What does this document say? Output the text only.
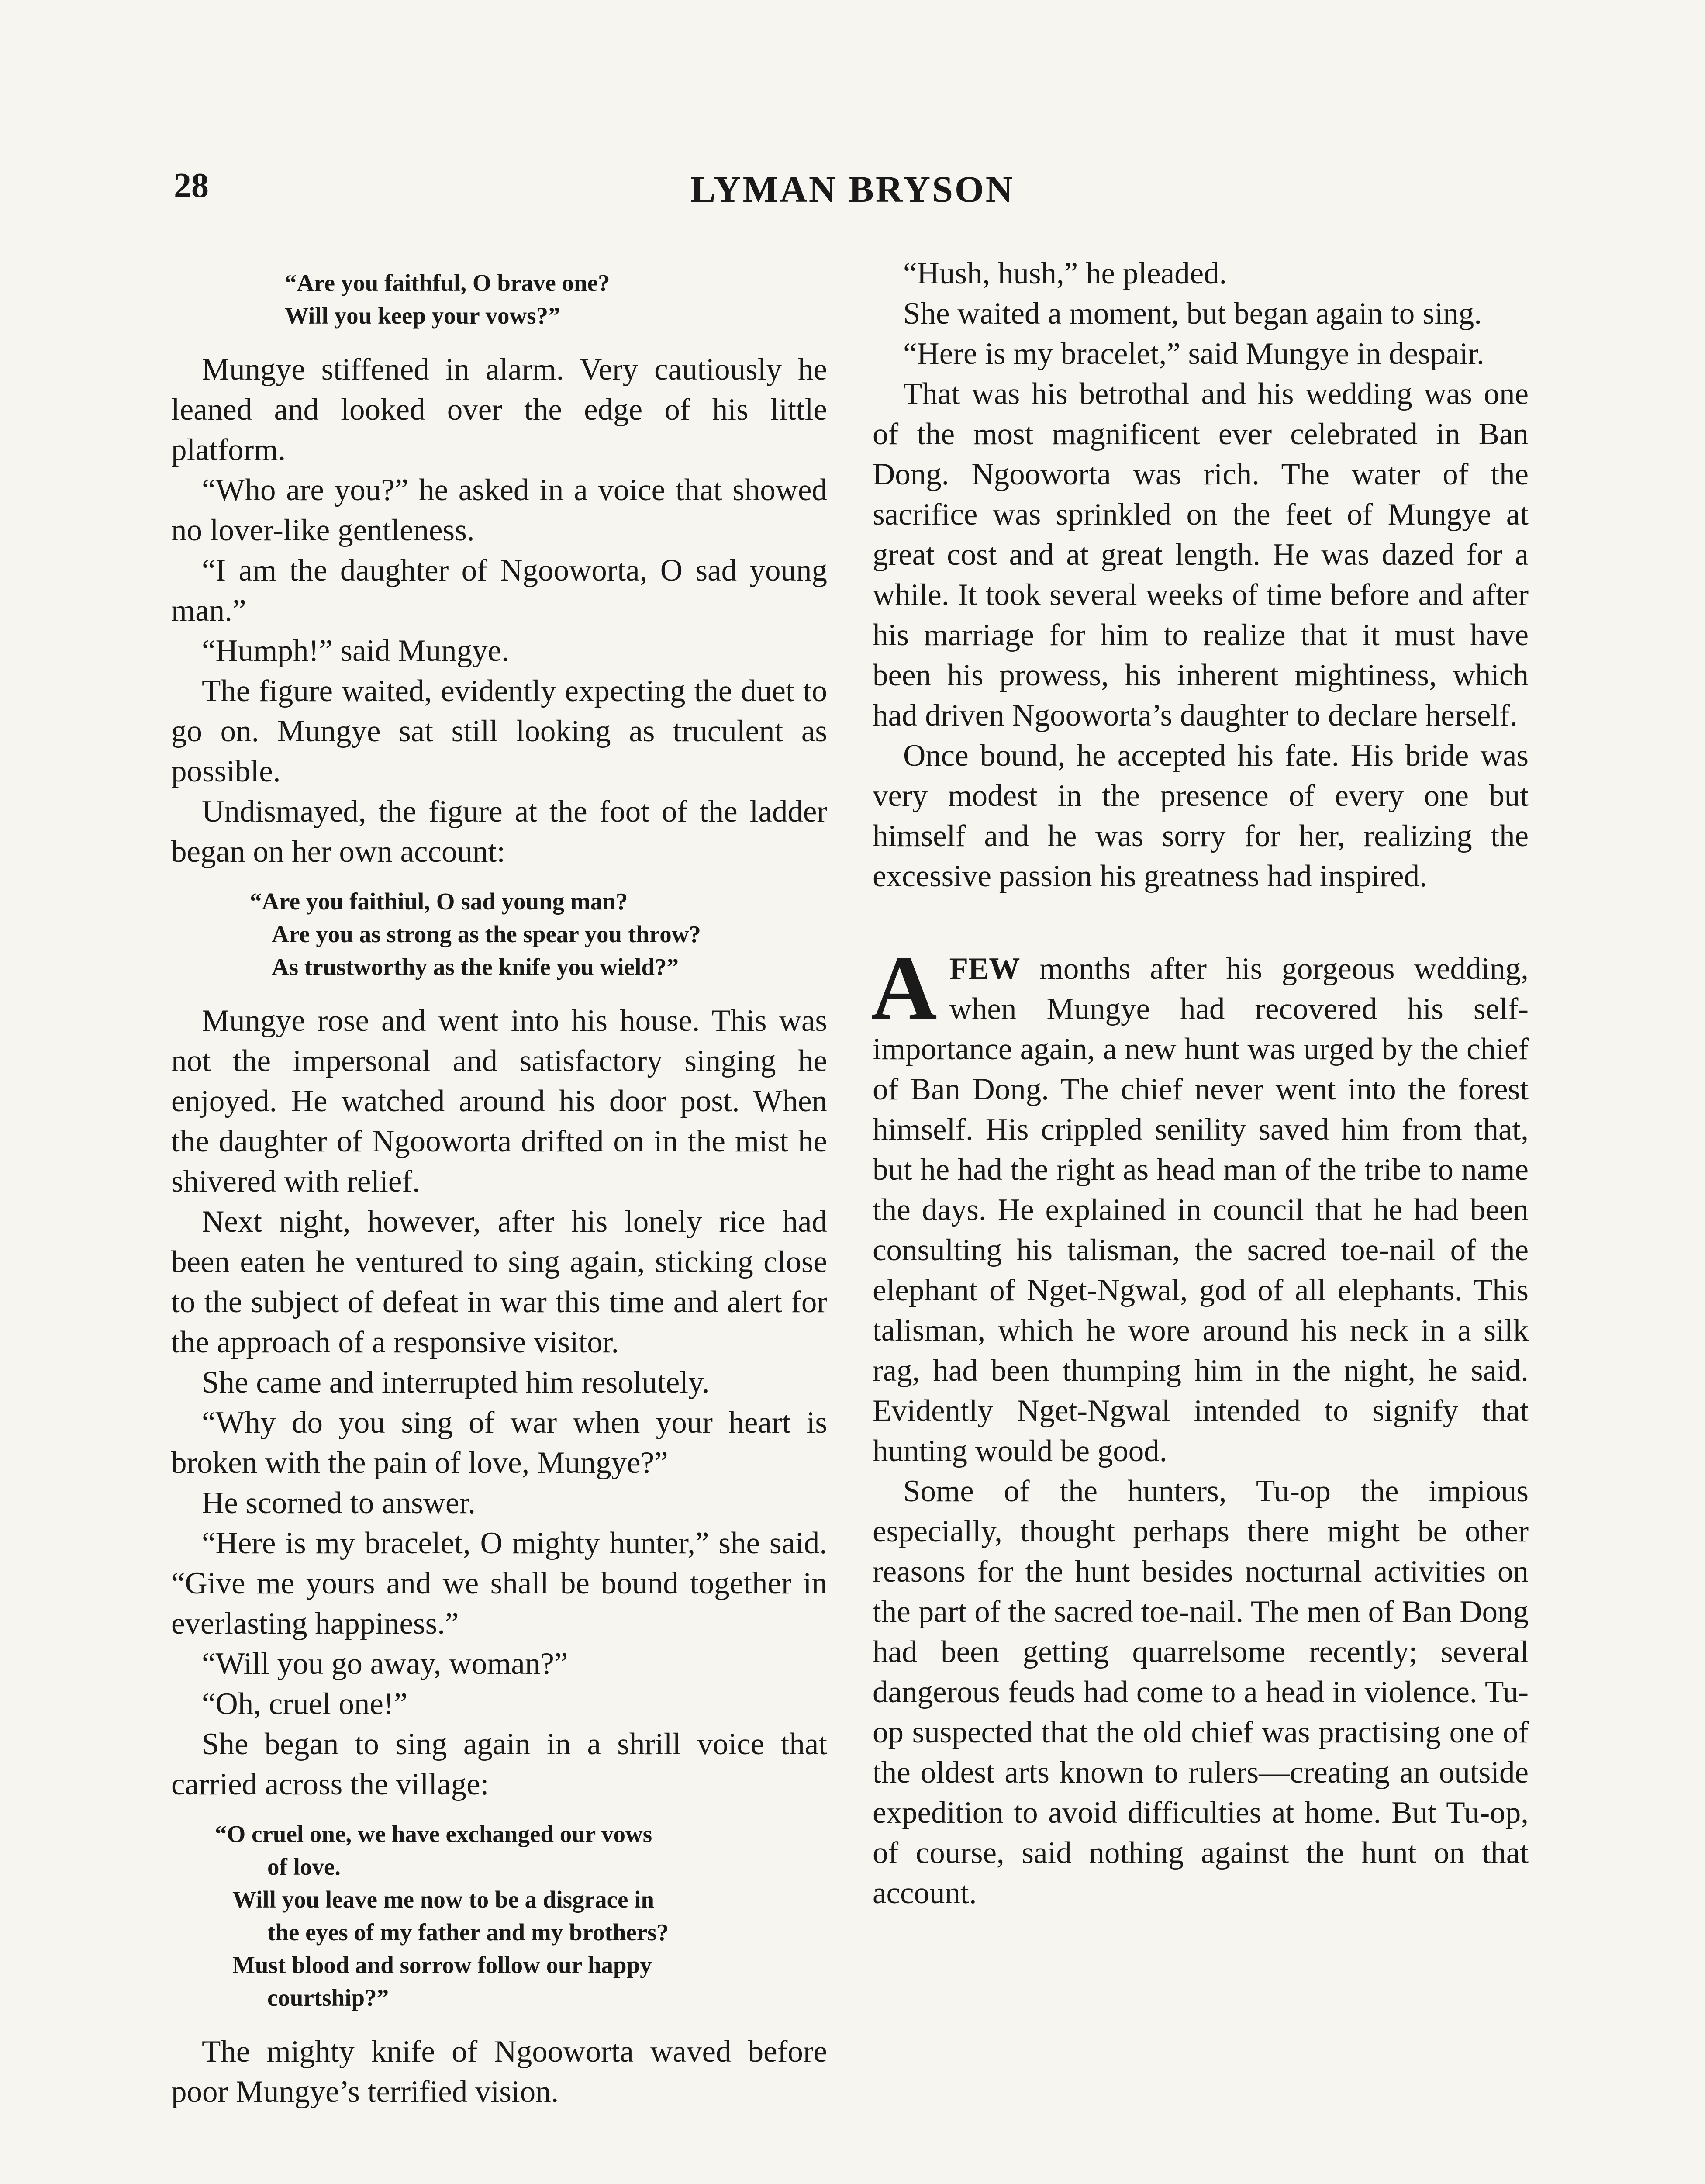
28	LYMAN BRYSON
“Are you faithful, O brave one?
Will you keep your vows?”

Mungye stiffened in alarm. Very cautiously he leaned and looked over the edge of his little platform.

“Who are you?” he asked in a voice that showed no lover-like gentleness.

“I am the daughter of Ngooworta, O sad young man.”

“Humph!” said Mungye.

The figure waited, evidently expecting the duet to go on. Mungye sat still looking as truculent as possible.

Undismayed, the figure at the foot of the ladder began on her own account:

“Are you faithiul, O sad young man?
Are you as strong as the spear you throw?
As trustworthy as the knife you wield?”

Mungye rose and went into his house. This was not the impersonal and satisfactory singing he enjoyed. He watched around his door post. When the daughter of Ngooworta drifted on in the mist he shivered with relief.

Next night, however, after his lonely rice had been eaten he ventured to sing again, sticking close to the subject of defeat in war this time and alert for the approach of a responsive visitor.

She came and interrupted him resolutely.

“Why do you sing of war when your heart is broken with the pain of love, Mungye?”

He scorned to answer.

“Here is my bracelet, O mighty hunter,” she said. “Give me yours and we shall be bound together in everlasting happiness.”

“Will you go away, woman?”

“Oh, cruel one!”

She began to sing again in a shrill voice that carried across the village:

“O cruel one, we have exchanged our vows
of love.
Will you leave me now to be a disgrace in
the eyes of my father and my brothers?
Must blood and sorrow follow our happy
courtship?”

The mighty knife of Ngooworta waved before poor Mungye’s terrified vision.

“Hush, hush,” he pleaded.

She waited a moment, but began again to sing.

“Here is my bracelet,” said Mungye in despair.

That was his betrothal and his wedding was one of the most magnificent ever celebrated in Ban Dong. Ngooworta was rich. The water of the sacrifice was sprinkled on the feet of Mungye at great cost and at great length. He was dazed for a while. It took several weeks of time before and after his marriage for him to realize that it must have been his prowess, his inherent mightiness, which had driven Ngooworta’s daughter to declare herself.

Once bound, he accepted his fate. His bride was very modest in the presence of every one but himself and he was sorry for her, realizing the excessive passion his greatness had inspired.

AFEW months after his gorgeous wedding, when Mungye had recovered his self-importance again, a new hunt was urged by the chief of Ban Dong. The chief never went into the forest himself. His crippled senility saved him from that, but he had the right as head man of the tribe to name the days. He explained in council that he had been consulting his talisman, the sacred toe-nail of the elephant of Nget-Ngwal, god of all elephants. This talisman, which he wore around his neck in a silk rag, had been thumping him in the night, he said. Evidently Nget-Ngwal intended to signify that hunting would be good.

Some of the hunters, Tu-op the impious especially, thought perhaps there might be other reasons for the hunt besides nocturnal activities on the part of the sacred toe-nail. The men of Ban Dong had been getting quarrelsome recently; several dangerous feuds had come to a head in violence. Tu-op suspected that the old chief was practising one of the oldest arts known to rulers—creating an outside expedition to avoid difficulties at home. But Tu-op, of course, said nothing against the hunt on that account.
